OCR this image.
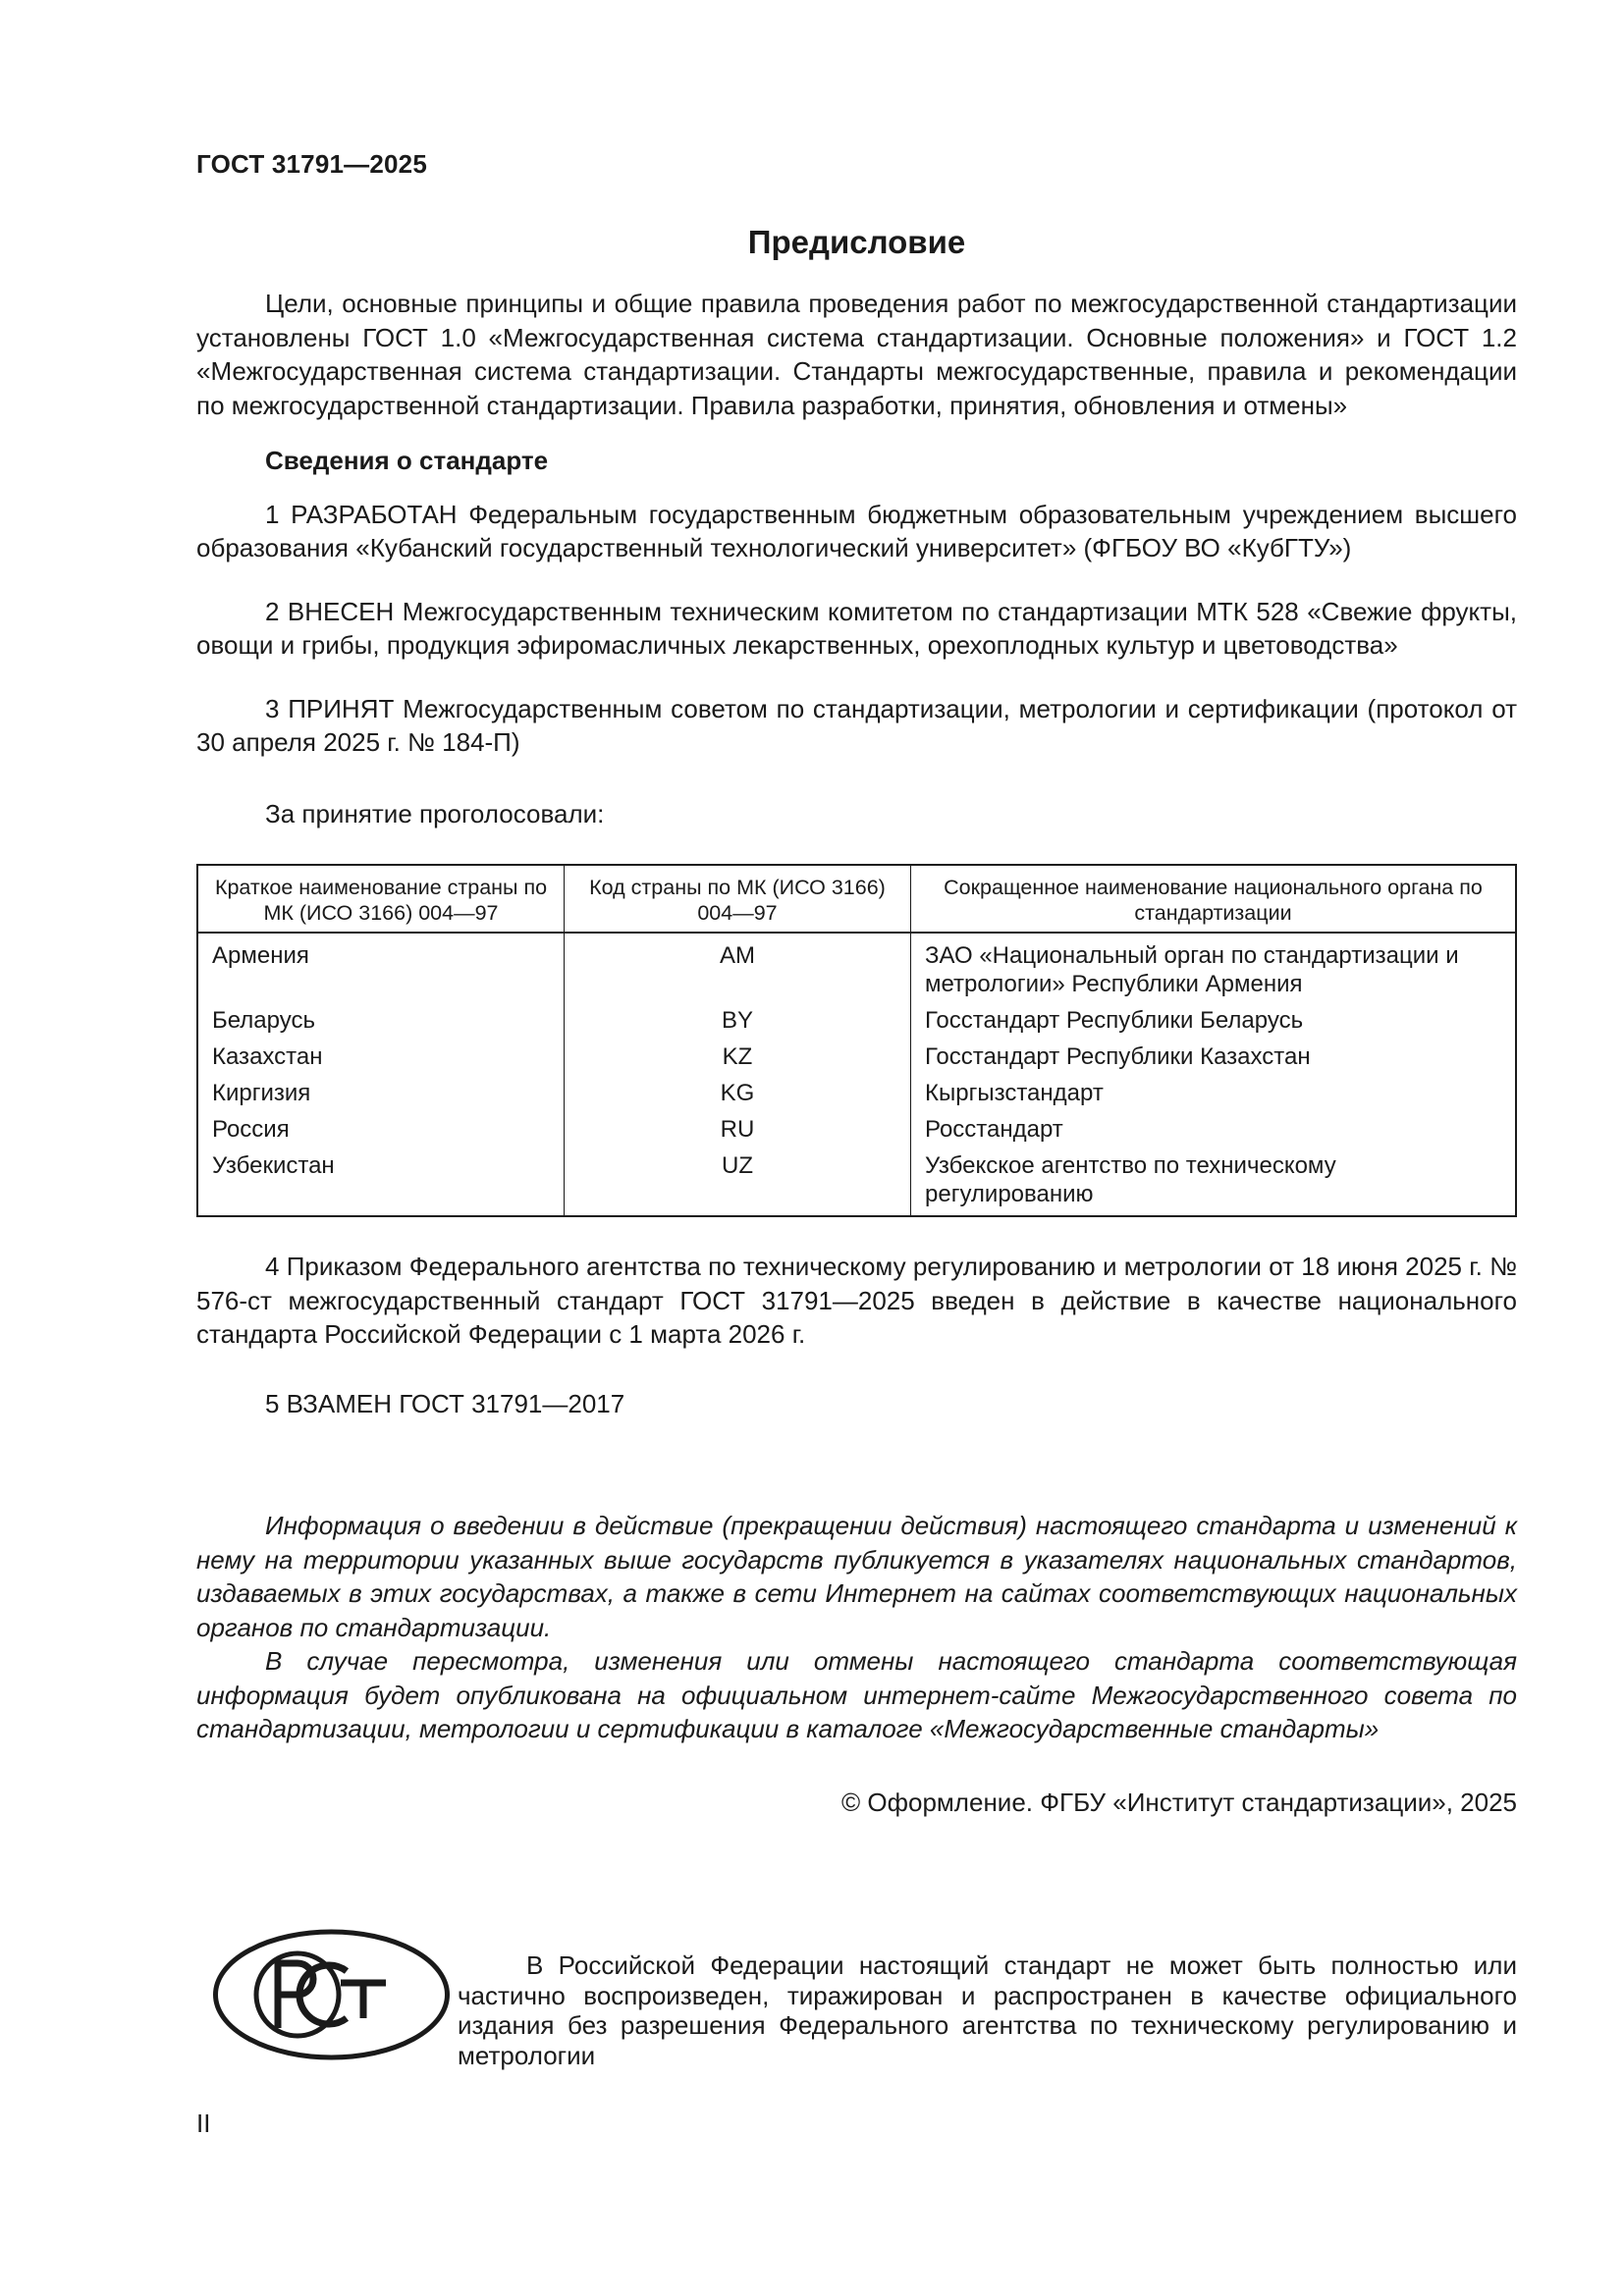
ГОСТ 31791—2025
Предисловие

Цели, основные принципы и общие правила проведения работ по межгосударственной стандартизации установлены ГОСТ 1.0 «Межгосударственная система стандартизации. Основные положения» и ГОСТ 1.2 «Межгосударственная система стандартизации. Стандарты межгосударственные, правила и рекомендации по межгосударственной стандартизации. Правила разработки, принятия, обновления и отмены»

Сведения о стандарте

1 РАЗРАБОТАН Федеральным государственным бюджетным образовательным учреждением высшего образования «Кубанский государственный технологический университет» (ФГБОУ ВО «КубГТУ»)

2 ВНЕСЕН Межгосударственным техническим комитетом по стандартизации МТК 528 «Свежие фрукты, овощи и грибы, продукция эфиромасличных лекарственных, орехоплодных культур и цветоводства»

3 ПРИНЯТ Межгосударственным советом по стандартизации, метрологии и сертификации (протокол от 30 апреля 2025 г. № 184-П)

За принятие проголосовали:

Краткое наименование страны по МК (ИСО 3166) 004—97	Код страны по МК (ИСО 3166) 004—97	Сокращенное наименование национального органа по стандартизации
Армения	AM	ЗАО «Национальный орган по стандартизации и метрологии» Республики Армения
Беларусь	BY	Госстандарт Республики Беларусь
Казахстан	KZ	Госстандарт Республики Казахстан
Киргизия	KG	Кыргызстандарт
Россия	RU	Росстандарт
Узбекистан	UZ	Узбекское агентство по техническому регулированию

4 Приказом Федерального агентства по техническому регулированию и метрологии от 18 июня 2025 г. № 576-ст межгосударственный стандарт ГОСТ 31791—2025 введен в действие в качестве национального стандарта Российской Федерации с 1 марта 2026 г.

5 ВЗАМЕН ГОСТ 31791—2017

Информация о введении в действие (прекращении действия) настоящего стандарта и изменений к нему на территории указанных выше государств публикуется в указателях национальных стандартов, издаваемых в этих государствах, а также в сети Интернет на сайтах соответствующих национальных органов по стандартизации.

В случае пересмотра, изменения или отмены настоящего стандарта соответствующая информация будет опубликована на официальном интернет-сайте Межгосударственного совета по стандартизации, метрологии и сертификации в каталоге «Межгосударственные стандарты»

© Оформление. ФГБУ «Институт стандартизации», 2025

В Российской Федерации настоящий стандарт не может быть полностью или частично воспроизведен, тиражирован и распространен в качестве официального издания без разрешения Федерального агентства по техническому регулированию и метрологии
II
